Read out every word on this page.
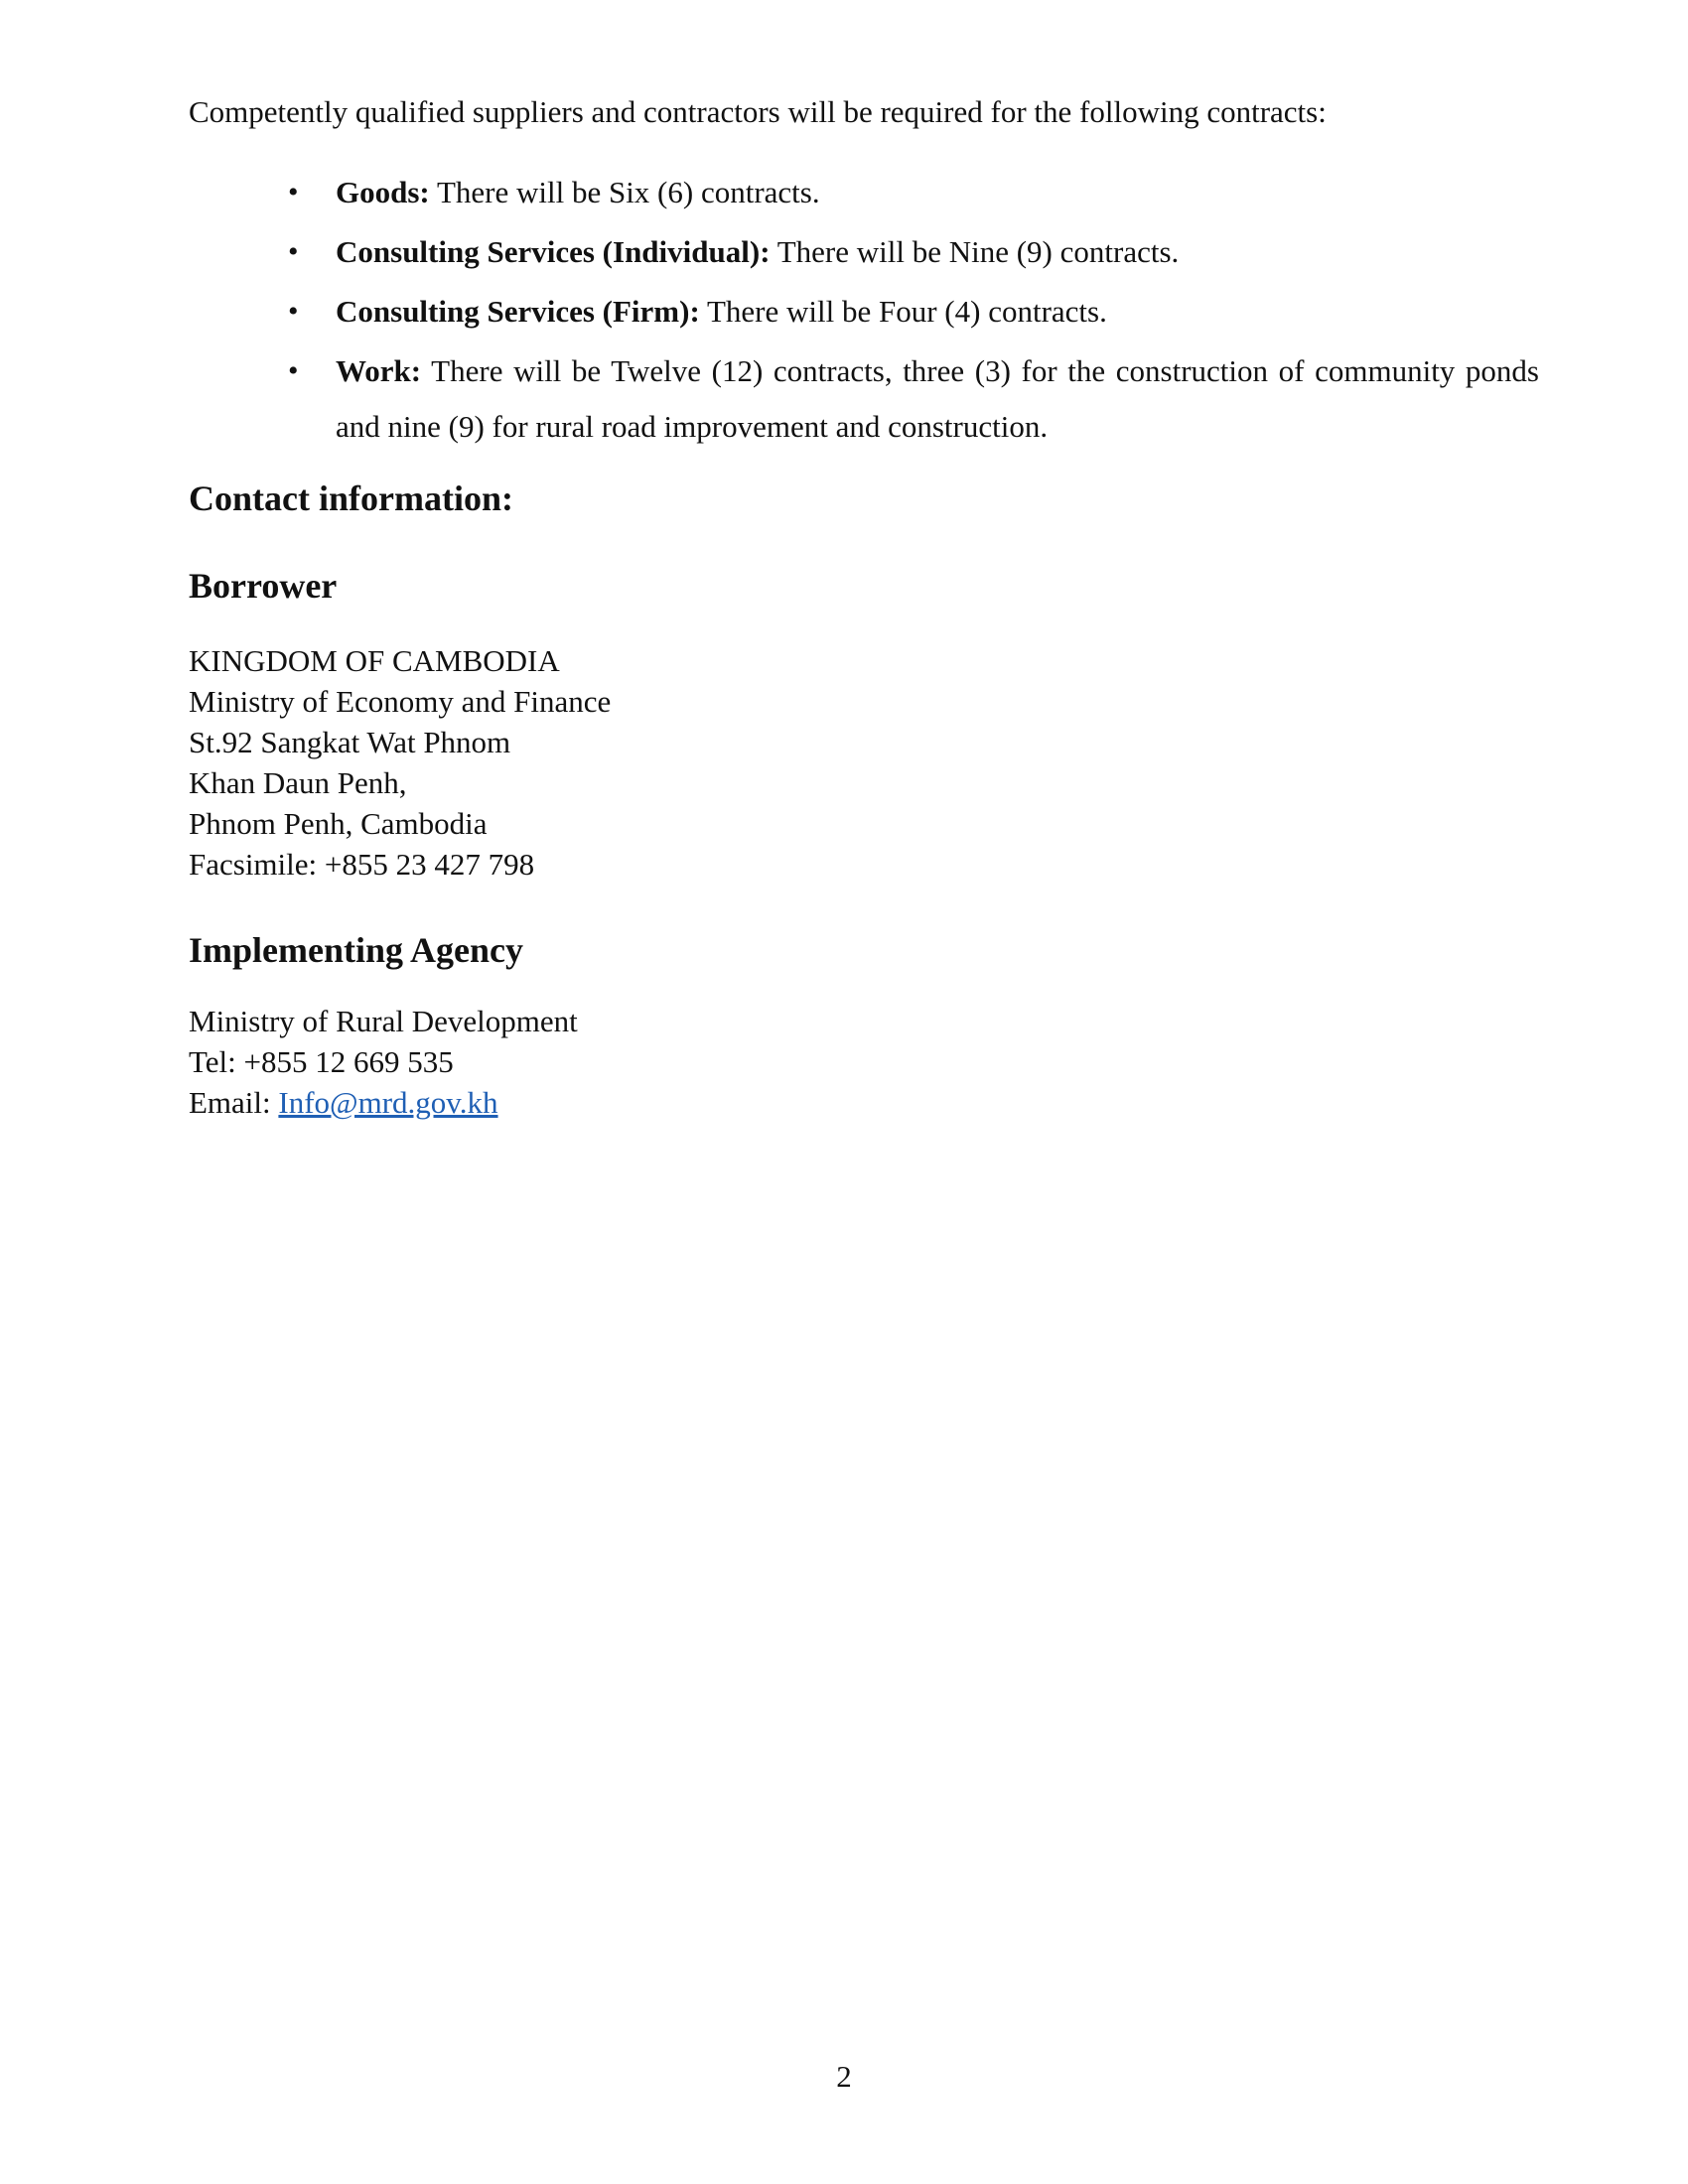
Competently qualified suppliers and contractors will be required for the following contracts:

• Goods: There will be Six (6) contracts.
• Consulting Services (Individual): There will be Nine (9) contracts.
• Consulting Services (Firm): There will be Four (4) contracts.
• Work: There will be Twelve (12) contracts, three (3) for the construction of community ponds and nine (9) for rural road improvement and construction.
Contact information:
Borrower
KINGDOM OF CAMBODIA
Ministry of Economy and Finance
St.92 Sangkat Wat Phnom
Khan Daun Penh,
Phnom Penh, Cambodia
Facsimile: +855 23 427 798
Implementing Agency
Ministry of Rural Development
Tel: +855 12 669 535
Email: Info@mrd.gov.kh
2
